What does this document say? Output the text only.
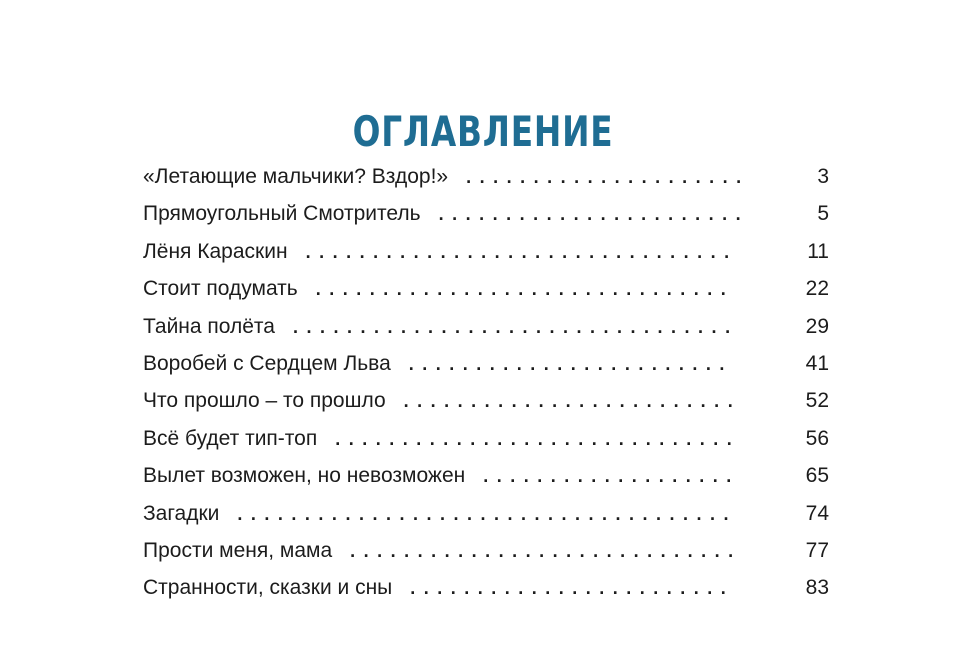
ОГЛАВЛЕНИЕ
«Летающие мальчики? Вздор!» . . .	3
Прямоугольный Смотритель . . .	5
Лёня Караскин . . .	11
Стоит подумать . . .	22
Тайна полёта . . .	29
Воробей с Сердцем Льва . . .	41
Что прошло – то прошло . . .	52
Всё будет тип-топ . . .	56
Вылет возможен, но невозможен . . .	65
Загадки . . .	74
Прости меня, мама . . .	77
Странности, сказки и сны . . .	83
